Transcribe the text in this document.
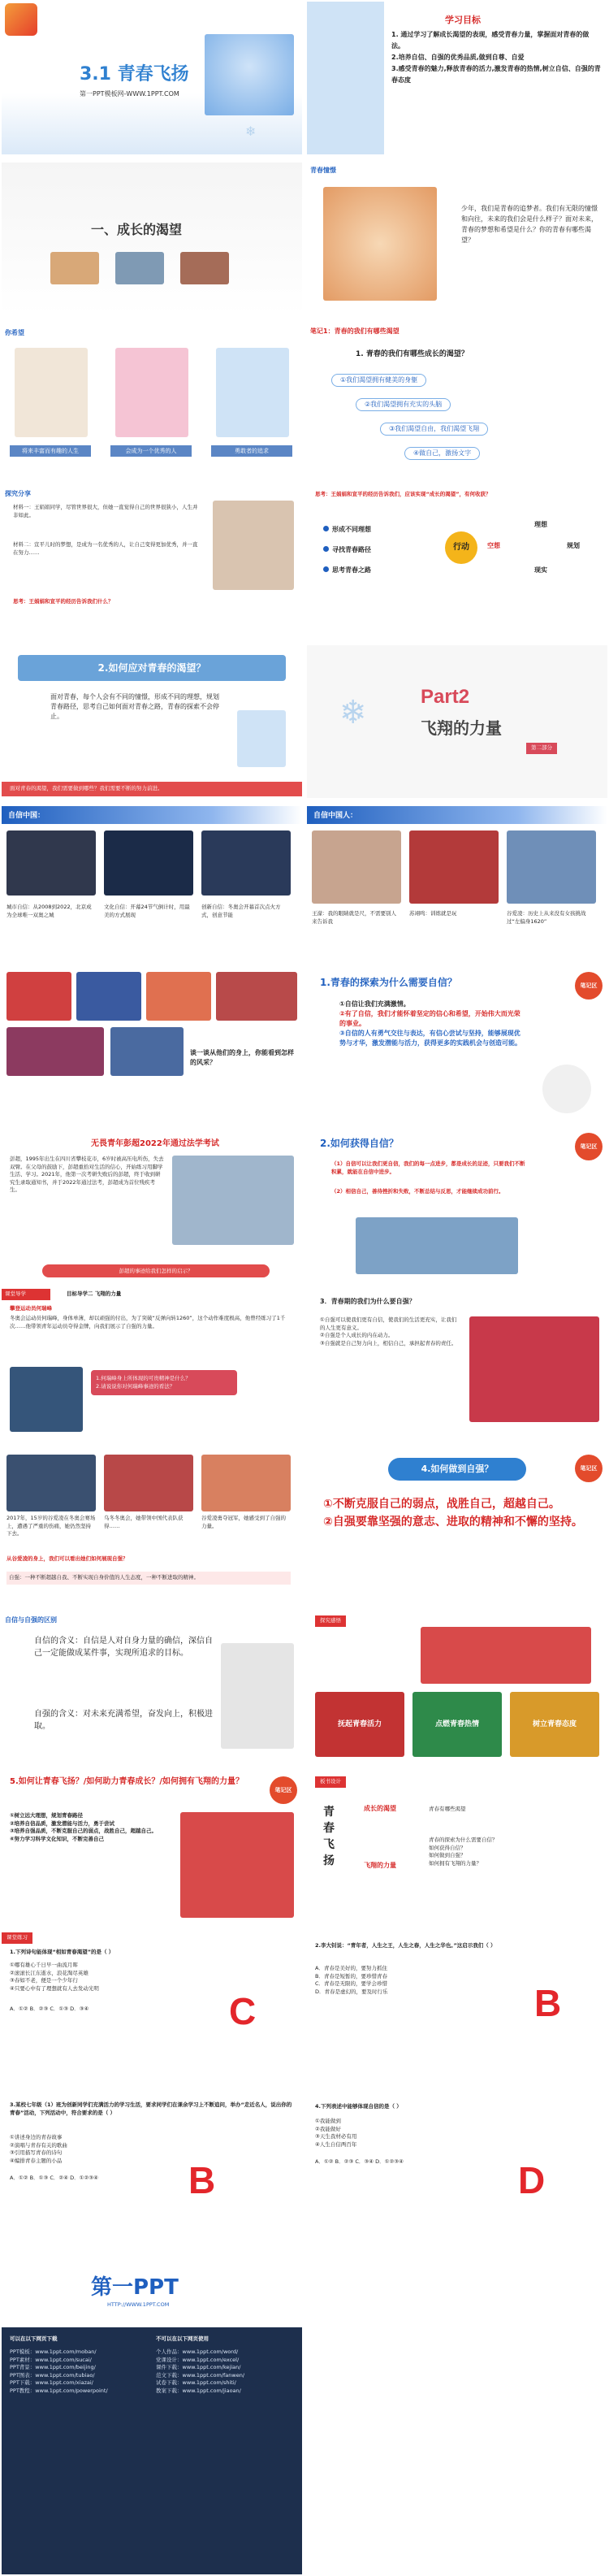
3.1 青春飞扬
第一PPT模板网-WWW.1PPT.COM
❄
学习目标
1. 通过学习了解成长渴望的表现，感受青春力量，掌握面对青春的做法。
2.培养自信、自强的优秀品质,做到自尊、自爱
3.感受青春的魅力,释放青春的活力,激发青春的热情,树立自信、自强的青春态度
一、成长的渴望
青春憧憬
少年，我们是青春的追梦者。我们有无限的憧憬和向往，未来的我们会是什么样子？面对未来，青春的梦想和希望是什么？你的青春有哪些渴望？
你希望
将来丰富而有趣的人生	会成为一个优秀的人	勇敢者的追求
笔记1：青春的我们有哪些渴望
1. 青春的我们有哪些成长的渴望？
①我们渴望拥有健美的身躯
②我们渴望拥有充实的头脑
③我们渴望自由，我们渴望飞翔
④做自己，激扬文字
探究分享
材料一：王娟娟同学，尽管世界很大，但她一直觉得自己的世界很狭小，人生并非如此。
材料二：宣平儿时的梦想，是成为一名优秀的人，让自己变得更加优秀，并一直在努力……
思考：王娟娟和宣平的经历告诉我们什么？
思考：王娟娟和宣平的经历告诉我们，应该实现“成长的渴望”，有何收获？
形成不同理想
寻找青春路径
思考青春之路
行动	空想
理想
规划
现实
2.如何应对青春的渴望？
面对青春，每个人会有不同的憧憬，形成不同的理想，规划青春路径，思考自己如何面对青春之路，青春的探索不会停止。
面对青春的渴望，我们需要做到哪些？我们需要不断的努力前进。
Part2
飞翔的力量
第二部分
❄
自信中国：
城市自信：从2008到2022，北京成为全球唯一双奥之城
文化自信：开幕24节气倒计时，用最美的方式展现
创新自信：冬奥会开幕首次点火方式，创意节能
自信中国人：
王濛：我的眼睛就是尺，不需要别人来告诉我
苏翊鸣：训练就是玩	谷爱凌：历史上从来没有女孩挑战过“左偏身1620”
谈一谈从他们的身上，你能看到怎样的风采？
1.青春的探索为什么需要自信？	笔记区
①自信让我们充满激情。
②有了自信，我们才能怀着坚定的信心和希望，开始伟大而光荣的事业。
③自信的人有勇气交往与表达，有信心尝试与坚持，能够展现优势与才华，激发潜能与活力，获得更多的实践机会与创造可能。
无畏青年彭超2022年通过法学考试
彭超，1995年出生在四川省攀枝花市，6岁时被高压电所伤，失去双臂。在父母的鼓励下，彭超重拾对生活的信心，开始练习用脚学生活、学习。2021年，他第一次考研失败后的彭超，终于收到研究生录取通知书，并于2022年通过法考，彭超成为首位残疾考生。
彭超的事迹给我们怎样的启示？
2.如何获得自信？	笔记区
（1）自信可以让我们更自信，我们的每一点进步，都是成长的足迹，只要我们不断积累，就能在自信中进步。
（2）相信自己，善待挫折和失败，不断总结与反思，才能继续成功前行。
课堂导学	目标导学二 飞翔的力量
攀登运动员何瑞峰
冬奥会运动员何瑞峰，身体单薄，却以顽强的付出，为了突破“反弹向转1260”，这个动作难度极高，他曾经练习了1千次……他带领青年运动员夺得金牌，向我们展示了自强的力量。
1.何瑞峰身上所体现的可贵精神是什么？
2.请说说你对何瑞峰事迹的看法？
3．青春期的我们为什么要自强？
①自强可以使我们更有自信，使我们的生活更充实，让我们的人生更有意义。
②自强是个人成长的内在动力。
③自强就是自己努力向上，相信自己，承担起青春的责任。
2017年，15岁的谷爱凌在冬奥会赛场上，遭遇了严重的伤痛，她仍然坚持下去。
乌冬冬奥会，她带领中国代表队获得……
谷爱凌勇夺冠军，她感受到了自强的力量。
从谷爱凌的身上，我们可以看出她们如何展现自强？
自强：一种不断超越自我、不断实现自身价值的人生态度，一种不断进取的精神。
4.如何做到自强？	笔记区
①不断克服自己的弱点，战胜自己，超越自己。
②自强要靠坚强的意志、进取的精神和不懈的坚持。
自信与自强的区别
自信的含义：自信是人对自身力量的确信，深信自己一定能做成某件事，实现所追求的目标。
自强的含义：对未来充满希望，奋发向上，积极进取。
探究感悟
抚起青春活力	点燃青春热情	树立青春态度
5.如何让青春飞扬？/如何助力青春成长？/如何拥有飞翔的力量？
笔记区
①树立远大理想，规划青春路径
②培养自信品质，激发潜能与活力，勇于尝试
③培养自强品质，不断克服自己的弱点，战胜自己，超越自己。
④努力学习科学文化知识，不断完善自己
板书设计
青春飞扬
成长的渴望	青春有哪些渴望
飞翔的力量
青春的探索为什么需要自信？
如何获得自信？
如何做到自强？
如何拥有飞翔的力量？
课堂练习
1.下列诗句能体现“相如青春渴望”的是（ ）
①哪有雄心千日早一曲流月晖
②滚滚长江东逝水，浪花淘尽英雄
③春如不老，便是一个少年行
④只要心中有了理想就有人去发动光明
A．①② B．②③ C．①③ D．③④	C
2.李大钊说：“青年者，人生之王，人生之春，人生之华也。”这启示我们（ ）
A．青春是美好的，要努力抓住
B．青春是短暂的，要珍惜青春
C．青春是无限的，要学会珍惜
D．青春是虚幻的，要及时行乐	B
3.某校七年级（1）班为创新同学们充满活力的学习生活，要求同学们在课余学习上不断追问，举办“走近名人，说出你的青春”活动，下列活动中，符合要求的是（ ）
①讲述身边的青春故事
②演唱与青春有关的歌曲
③引用描写青春的诗句
④编排青春主题的小品
A．①② B．①③ C．②④ D．①②③④ B
4.下列表述中能够体现自信的是（ ）
①我能做到
②我能做好
③天生我材必有用
④人生自信两百年
A．①② B．②③ C．③④ D．①②③④	D
第一PPT
HTTP://WWW.1PPT.COM
可以在以下网页下载	不可以在以下网页使用
PPT模板：www.1ppt.com/moban/
PPT素材：www.1ppt.com/sucai/
PPT背景：www.1ppt.com/beijing/
PPT图表：www.1ppt.com/tubiao/
PPT下载：www.1ppt.com/xiazai/
PPT教程：www.1ppt.com/powerpoint/
个人作品：www.1ppt.com/word/
党课设计：www.1ppt.com/excel/
课件下载：www.1ppt.com/kejian/
范文下载：www.1ppt.com/fanwen/
试卷下载：www.1ppt.com/shiti/
教案下载：www.1ppt.com/jiaoan/
